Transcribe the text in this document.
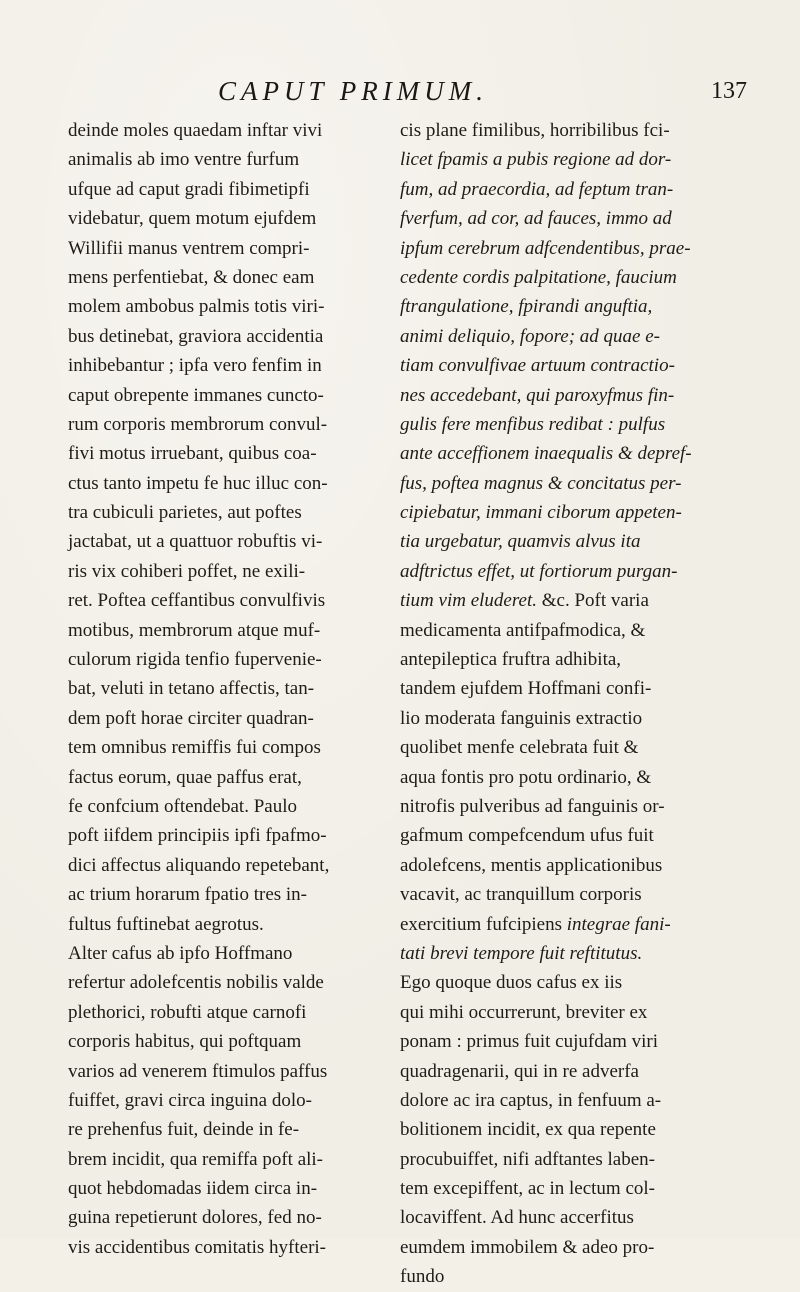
CAPUT PRIMUM.	137
deinde moles quaedam inftar vivi
animalis ab imo ventre furfum
ufque ad caput gradi fibimetipfi
videbatur, quem motum ejufdem
Willifii manus ventrem compri-
mens perfentiebat, & donec eam
molem ambobus palmis totis viri-
bus detinebat, graviora accidentia
inhibebantur ; ipfa vero fenfim in
caput obrepente immanes cuncto-
rum corporis membrorum convul-
fivi motus irruebant, quibus coa-
ctus tanto impetu fe huc illuc con-
tra cubiculi parietes, aut poftes
jactabat, ut a quattuor robuftis vi-
ris vix cohiberi poffet, ne exili-
ret. Poftea ceffantibus convulfivis
motibus, membrorum atque muf-
culorum rigida tenfio fupervenie-
bat, veluti in tetano affectis, tan-
dem poft horae circiter quadran-
tem omnibus remiffis fui compos
factus eorum, quae paffus erat,
fe confcium oftendebat. Paulo
poft iifdem principiis ipfi fpafmo-
dici affectus aliquando repetebant,
ac trium horarum fpatio tres in-
fultus fuftinebat aegrotus.
Alter cafus ab ipfo Hoffmano
refertur adolefcentis nobilis valde
plethorici, robufti atque carnofi
corporis habitus, qui poftquam
varios ad venerem ftimulos paffus
fuiffet, gravi circa inguina dolo-
re prehenfus fuit, deinde in fe-
brem incidit, qua remiffa poft ali-
quot hebdomadas iidem circa in-
guina repetierunt dolores, fed no-
vis accidentibus comitatis hyfteri-
cis plane fimilibus, horribilibus fci-
licet fpamis a pubis regione ad dor-
fum, ad praecordia, ad feptum tran-
fverfum, ad cor, ad fauces, immo ad
ipfum cerebrum adfcendentibus, prae-
cedente cordis palpitatione, faucium
ftrangulatione, fpirandi anguftia,
animi deliquio, fopore; ad quae e-
tiam convulfivae artuum contractio-
nes accedebant, qui paroxyfmus fin-
gulis fere menfibus redibat : pulfus
ante acceffionem inaequalis & depref-
fus, poftea magnus & concitatus per-
cipiebatur, immani ciborum appeten-
tia urgebatur, quamvis alvus ita
adftrictus effet, ut fortiorum purgan-
tium vim eluderet. &c. Poft varia
medicamenta antifpafmodica, &
antepileptica fruftra adhibita,
tandem ejufdem Hoffmani confi-
lio moderata fanguinis extractio
quolibet menfe celebrata fuit &
aqua fontis pro potu ordinario, &
nitrofis pulveribus ad fanguinis or-
gafmum compefcendum ufus fuit
adolefcens, mentis applicationibus
vacavit, ac tranquillum corporis
exercitium fufcipiens integrae fani-
tati brevi tempore fuit reftitutus.
Ego quoque duos cafus ex iis
qui mihi occurrerunt, breviter ex
ponam : primus fuit cujufdam viri
quadragenarii, qui in re adverfa
dolore ac ira captus, in fenfuum a-
bolitionem incidit, ex qua repente
procubuiffet, nifi adftantes laben-
tem excepiffent, ac in lectum col-
locaviffent. Ad hunc accerfitus
eumdem immobilem & adeo pro-
fundo
